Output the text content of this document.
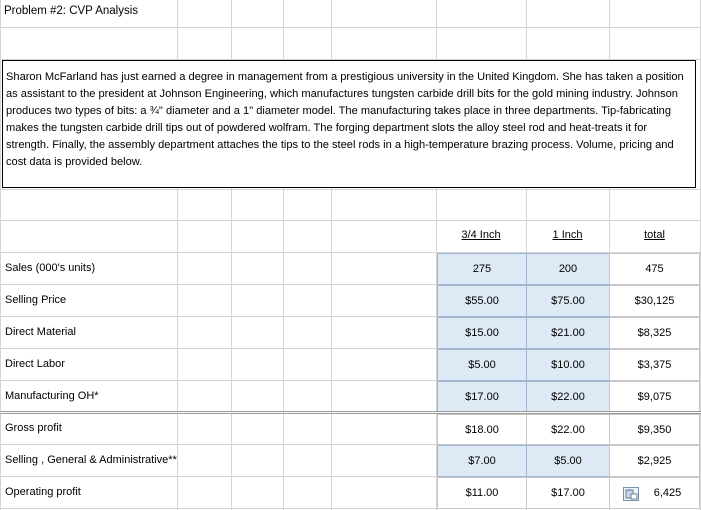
Problem #2: CVP Analysis
Sharon McFarland has just earned a degree in management from a prestigious university in the United Kingdom. She has taken a position as assistant to the president at Johnson Engineering, which manufactures tungsten carbide drill bits for the gold mining industry. Johnson produces two types of bits: a ¾" diameter and a 1" diameter model. The manufacturing takes place in three departments. Tip-fabricating makes the tungsten carbide drill tips out of powdered wolfram. The forging department slots the alloy steel rod and heat-treats it for strength. Finally, the assembly department attaches the tips to the steel rods in a high-temperature brazing process. Volume, pricing and cost data is provided below.
3/4 Inch	1 Inch	total
Sales (000's units)	275	200	475
Selling Price	$55.00	$75.00	$30,125
Direct Material	$15.00	$21.00	$8,325
Direct Labor	$5.00	$10.00	$3,375
Manufacturing OH*	$17.00	$22.00	$9,075
Gross profit	$18.00	$22.00	$9,350
Selling , General & Administrative**	$7.00	$5.00	$2,925
Operating profit	$11.00	$17.00	6,425
